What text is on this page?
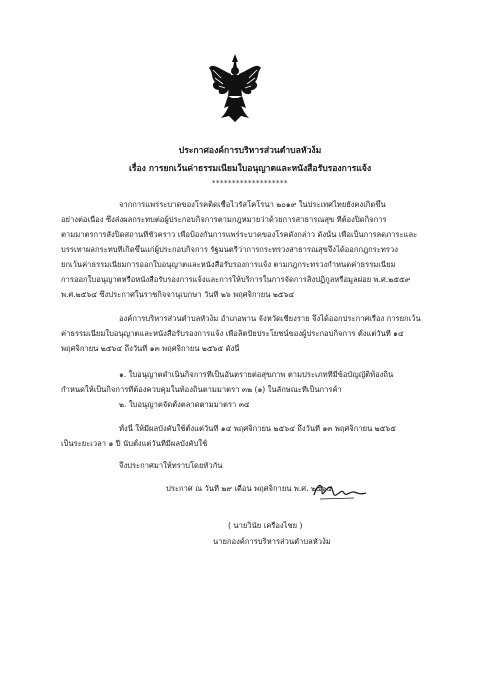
ประกาศองค์การบริหารส่วนตำบลหัวง้ม
เรื่อง การยกเว้นค่าธรรมเนียมใบอนุญาตและหนังสือรับรองการแจ้ง
*******************
จากการแพร่ระบาดของโรคติดเชื้อไวรัสโคโรนา ๒๐๑๙ ในประเทศไทยยังคงเกิดขึ้น
อย่างต่อเนื่อง ซึ่งส่งผลกระทบต่อผู้ประกอบกิจการตามกฎหมายว่าด้วยการสาธารณสุข ที่ต้องปิดกิจการ
ตามมาตรการสั่งปิดสถานที่ชั่วคราว เพื่อป้องกันการแพร่ระบาดของโรคดังกล่าว ดังนั้น เพื่อเป็นการลดภาระและ
บรรเทาผลกระทบที่เกิดขึ้นแก่ผู้ประกอบกิจการ รัฐมนตรีว่าการกระทรวงสาธารณสุขจึงได้ออกกฎกระทรวง
ยกเว้นค่าธรรมเนียมการออกใบอนุญาตและหนังสือรับรองการแจ้ง ตามกฎกระทรวงกำหนดค่าธรรมเนียม
การออกใบอนุญาตหรือหนังสือรับรองการแจ้งและการให้บริการในการจัดการสิ่งปฏิกูลหรือมูลฝอย พ.ศ.๒๕๕๙
พ.ศ.๒๕๖๔ ซึ่งประกาศในราชกิจจานุเบกษา วันที่ ๒๖ พฤศจิกายน ๒๕๖๔
องค์การบริหารส่วนตำบลหัวง้ม อำเภอพาน จังหวัดเชียงราย จึงได้ออกประกาศเรื่อง การยกเว้น
ค่าธรรมเนียมใบอนุญาตและหนังสือรับรองการแจ้ง เพื่อลิตปัยประโยชน์ของผู้ประกอบกิจการ ตั้งแต่วันที่ ๑๔
พฤศจิกายน ๒๕๖๔ ถึงวันที่ ๑๓ พฤศจิกายน ๒๕๖๕ ดังนี้
๑. ใบอนุญาตดำเนินกิจการที่เป็นอันตรายต่อสุขภาพ ตามประเภทที่มีข้อบัญญัติท้องถิ่น
กำหนดให้เป็นกิจการที่ต้องควบคุมในท้องถิ่นตามมาตรา ๓๒ (๑) ในลักษณะที่เป็นการค้า
๒. ใบอนุญาตจัดตั้งตลาดตามมาตรา ๓๔
ทั้งนี้ ให้มีผลบังคับใช้ตั้งแต่วันที่ ๑๔ พฤศจิกายน ๒๕๖๔ ถึงวันที่ ๑๓ พฤศจิกายน ๒๕๖๕
เป็นระยะเวลา ๑ ปี นับตั้งแต่วันที่มีผลบังคับใช้
จึงประกาศมาให้ทราบโดยทั่วกัน
ประกาศ ณ วันที่ ๒๙ เดือน พฤศจิกายน พ.ศ. ๒๕๖๔
( นายวินัย เครืองไชย )
นายกองค์การบริหารส่วนตำบลหัวง้ม
